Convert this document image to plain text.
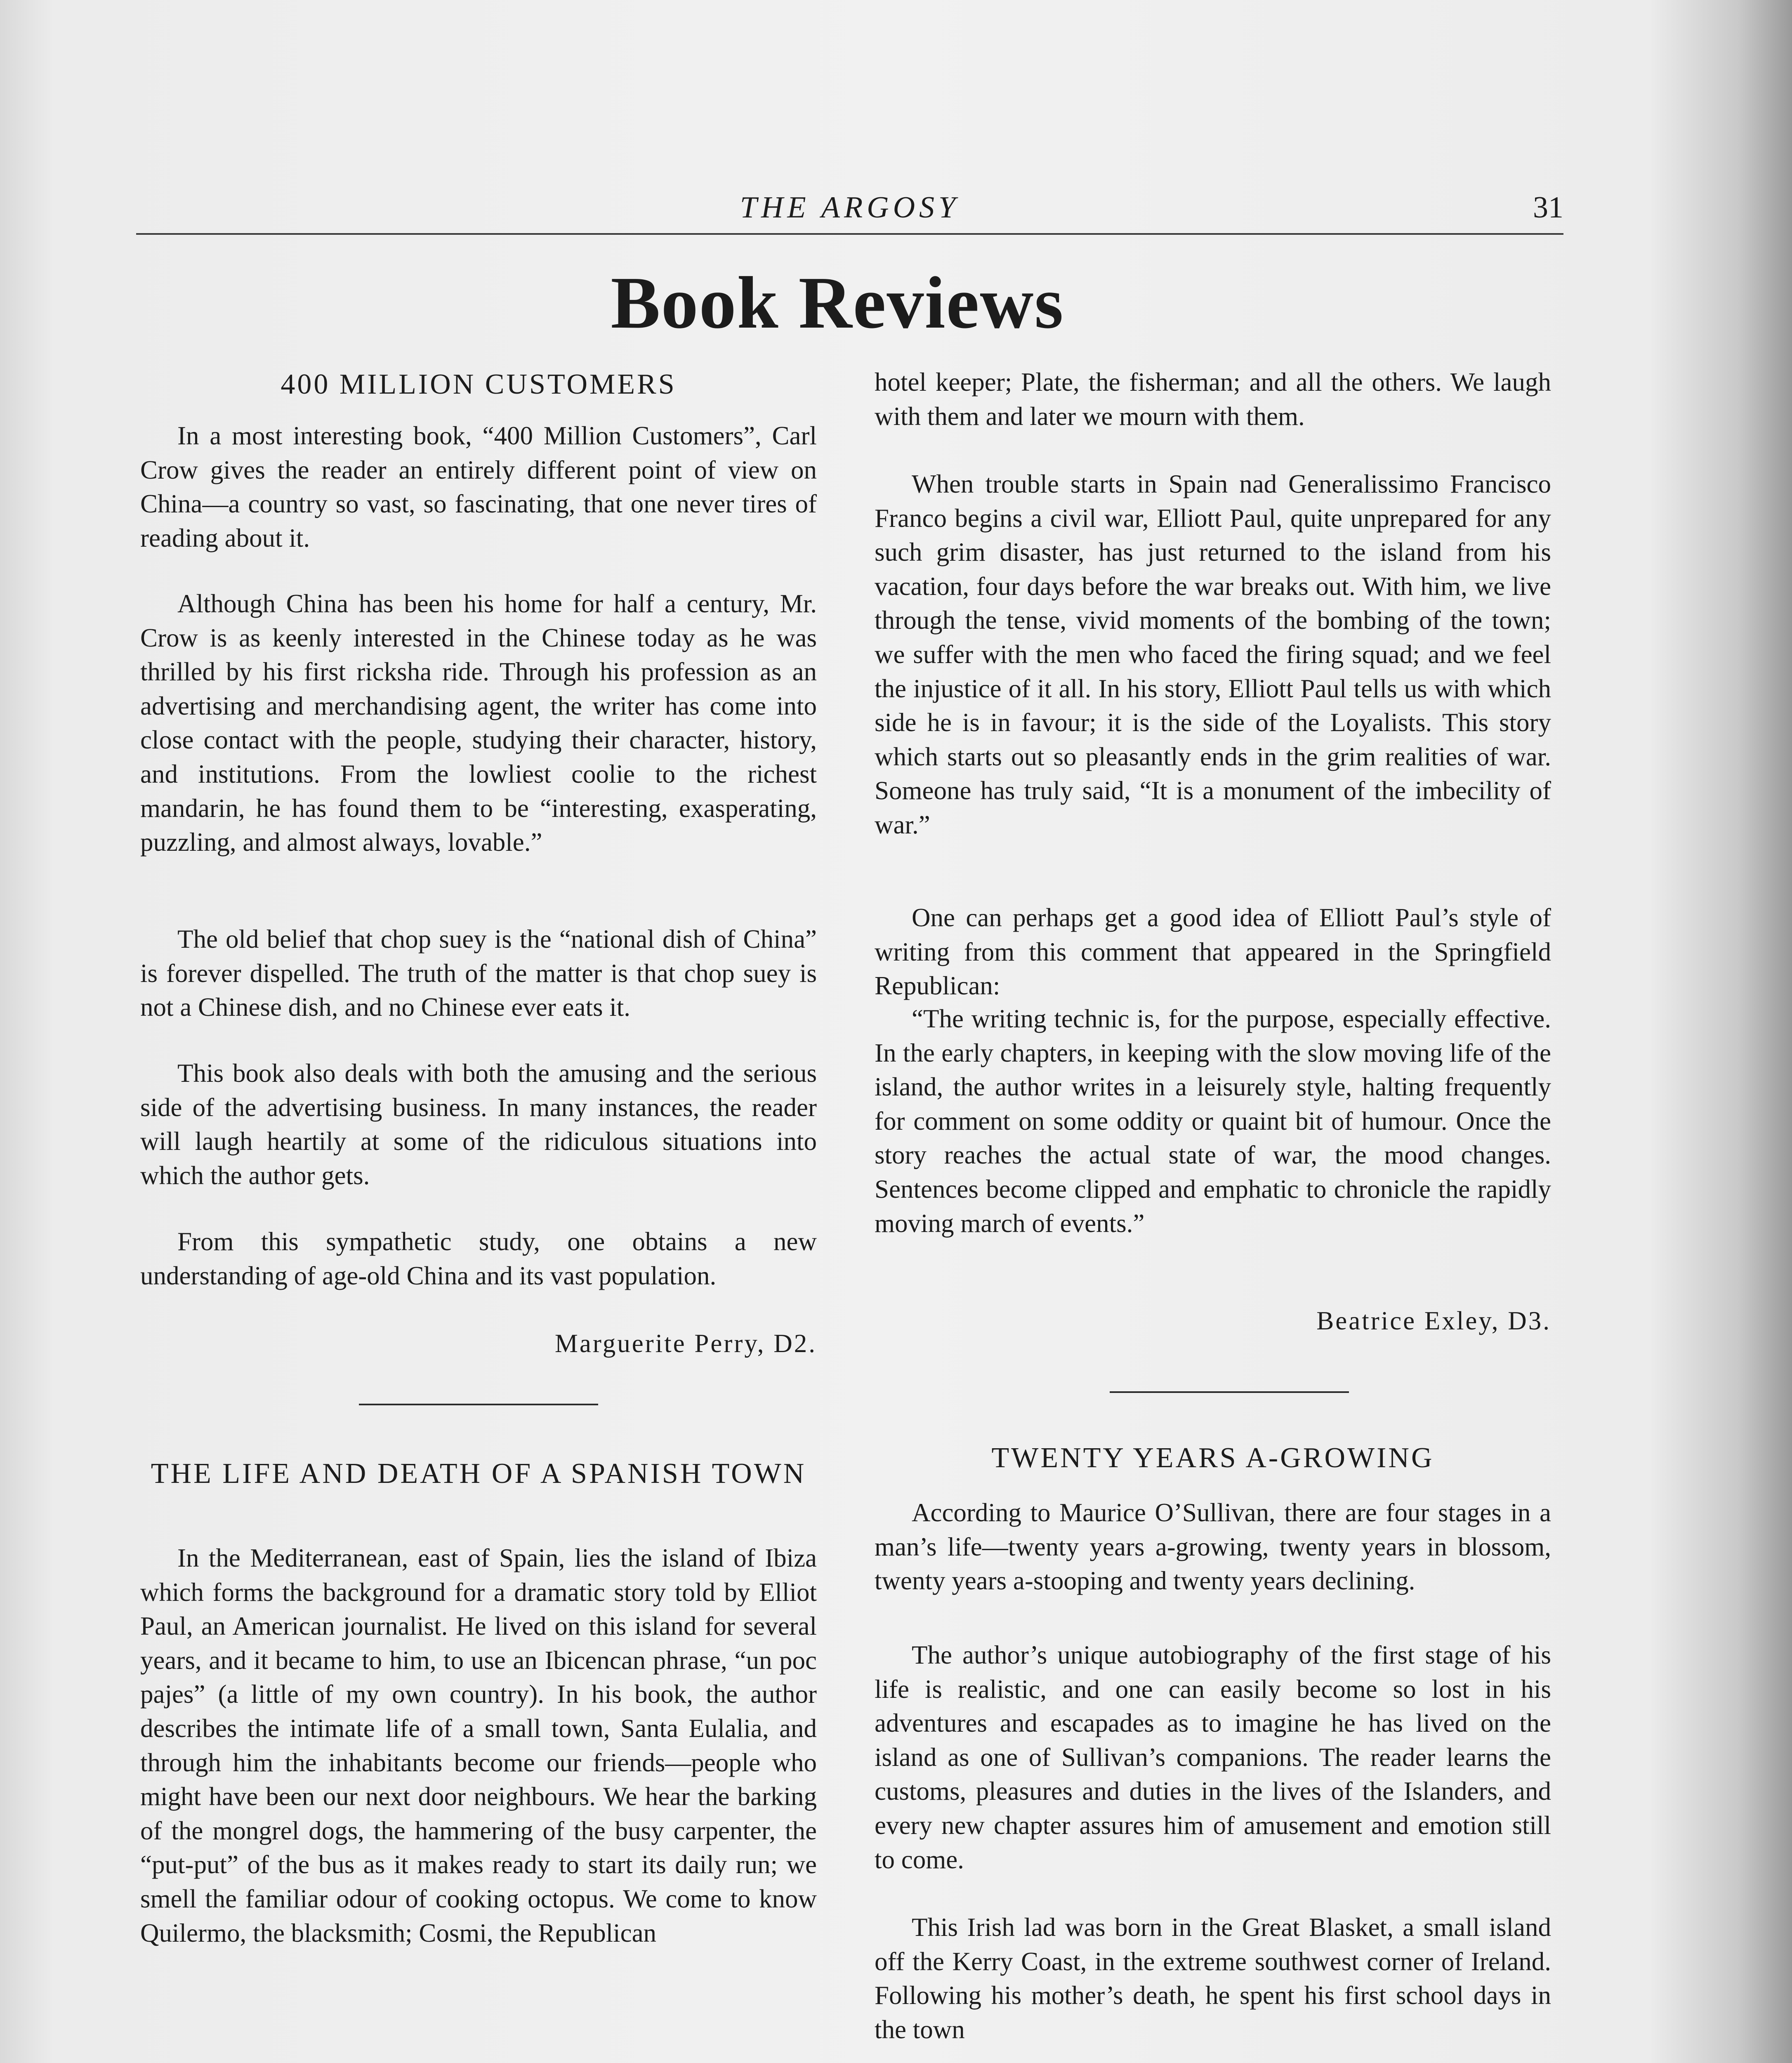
THE ARGOSY	31
Book Reviews
400 MILLION CUSTOMERS

In a most interesting book, “400 Million Customers”, Carl Crow gives the reader an entirely different point of view on China—a country so vast, so fascinating, that one never tires of reading about it.

Although China has been his home for half a century, Mr. Crow is as keenly interested in the Chinese today as he was thrilled by his first ricksha ride. Through his profession as an advertising and merchandising agent, the writer has come into close contact with the people, studying their character, history, and institutions. From the lowliest coolie to the richest mandarin, he has found them to be “interesting, exasperating, puzzling, and almost always, lovable.”

The old belief that chop suey is the “national dish of China” is forever dispelled. The truth of the matter is that chop suey is not a Chinese dish, and no Chinese ever eats it.

This book also deals with both the amusing and the serious side of the advertising business. In many instances, the reader will laugh heartily at some of the ridiculous situations into which the author gets.

From this sympathetic study, one obtains a new understanding of age-old China and its vast population.

Marguerite Perry, D2.
THE LIFE AND DEATH OF A SPANISH TOWN

In the Mediterranean, east of Spain, lies the island of Ibiza which forms the background for a dramatic story told by Elliot Paul, an American journalist. He lived on this island for several years, and it became to him, to use an Ibicencan phrase, “un poc pajes” (a little of my own country). In his book, the author describes the intimate life of a small town, Santa Eulalia, and through him the inhabitants become our friends—people who might have been our next door neighbours. We hear the barking of the mongrel dogs, the hammering of the busy carpenter, the “put-put” of the bus as it makes ready to start its daily run; we smell the familiar odour of cooking octopus. We come to know Quilermo, the blacksmith; Cosmi, the Republican

hotel keeper; Plate, the fisherman; and all the others. We laugh with them and later we mourn with them.

When trouble starts in Spain nad Generalissimo Francisco Franco begins a civil war, Elliott Paul, quite unprepared for any such grim disaster, has just returned to the island from his vacation, four days before the war breaks out. With him, we live through the tense, vivid moments of the bombing of the town; we suffer with the men who faced the firing squad; and we feel the injustice of it all. In his story, Elliott Paul tells us with which side he is in favour; it is the side of the Loyalists. This story which starts out so pleasantly ends in the grim realities of war. Someone has truly said, “It is a monument of the imbecility of war.”

One can perhaps get a good idea of Elliott Paul’s style of writing from this comment that appeared in the Springfield Republican:

“The writing technic is, for the purpose, especially effective. In the early chapters, in keeping with the slow moving life of the island, the author writes in a leisurely style, halting frequently for comment on some oddity or quaint bit of humour. Once the story reaches the actual state of war, the mood changes. Sentences become clipped and emphatic to chronicle the rapidly moving march of events.”

Beatrice Exley, D3.
TWENTY YEARS A-GROWING

According to Maurice O’Sullivan, there are four stages in a man’s life—twenty years a-growing, twenty years in blossom, twenty years a-stooping and twenty years declining.

The author’s unique autobiography of the first stage of his life is realistic, and one can easily become so lost in his adventures and escapades as to imagine he has lived on the island as one of Sullivan’s companions. The reader learns the customs, pleasures and duties in the lives of the Islanders, and every new chapter assures him of amusement and emotion still to come.

This Irish lad was born in the Great Blasket, a small island off the Kerry Coast, in the extreme southwest corner of Ireland. Following his mother’s death, he spent his first school days in the town
